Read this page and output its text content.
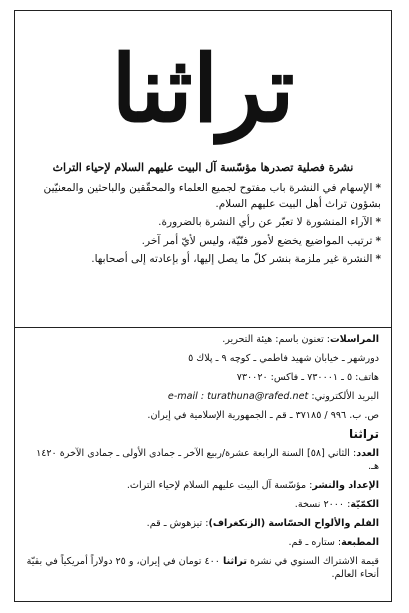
تراثنا

نشرة فصلية تصدرها مؤسّسة آل البيت عليهم السلام لإحياء التراث

*الإسهام في النشرة باب مفتوح لجميع العلماء والمحقّقين والباحثين والمعنيّين بشؤون تراث أهل البيت عليهم السلام.
*الآراء المنشورة لا تعبّر عن رأي النشرة بالضرورة.
*ترتيب المواضيع يخضع لأمور فنّيّة، وليس لأيّ أمر آخر.
*النشرة غير ملزمة بنشر كلّ ما يصل إليها، أو بإعادته إلى أصحابها.

المراسلات: تعنون باسم: هيئة التحرير.

دورشهر ـ خيابان شهيد فاطمي ـ كوچه ٩ ـ پلاك ٥

هاتف: ٥ ـ ٧٣٠٠٠١ ـ فاكس: ٧٣٠٠٢٠

البريد الألكتروني: e-mail : turathuna@rafed.net

ص. ب. ٩٩٦ / ٣٧١٨٥ ـ قم ـ الجمهورية الإسلامية في إيران.

تراثنا

العدد: الثاني [٥٨] السنة الرابعة عشرة/ربيع الآخر ـ جمادى الأولى ـ جمادى الآخرة ١٤٢٠ هـ.

الإعداد والنشر: مؤسّسة آل البيت عليهم السلام لإحياء التراث.

الكمّيّة: ٢٠٠٠ نسخة.

الفلم والألواح الحسّاسة (الزنكغراف): تيزهوش ـ قم.

المطبعة: ستاره ـ قم.

قيمة الاشتراك السنوي في نشرة تراثنا ٤٠٠ تومان في إيران، و ٢٥ دولاراً أمريكياً في بقيّة أنحاء العالم.
